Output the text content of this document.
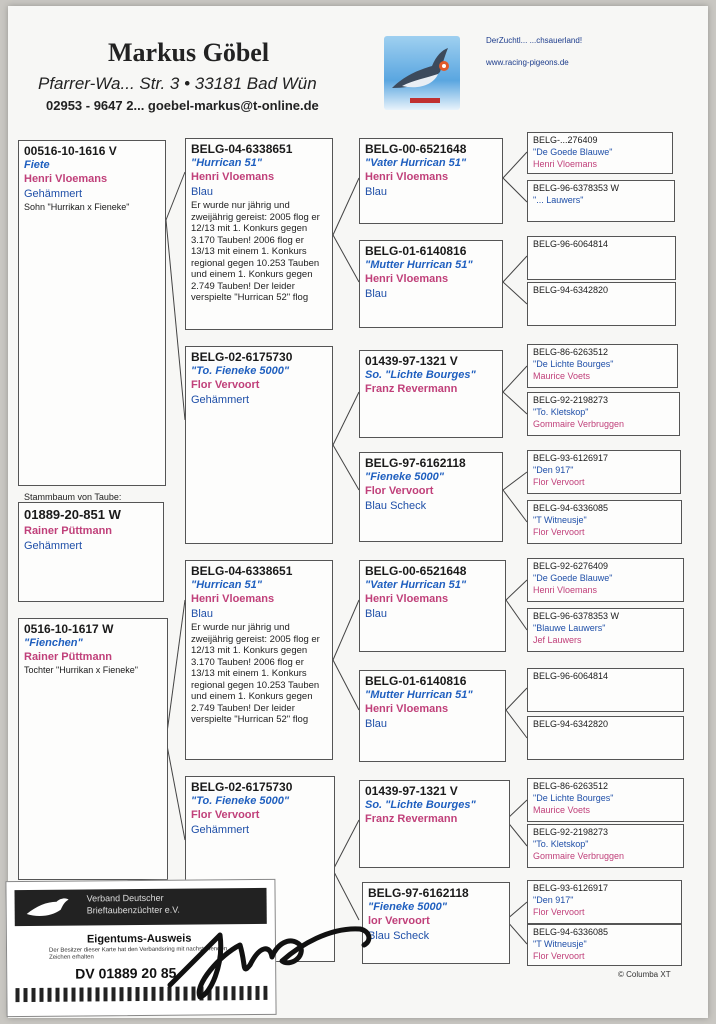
Markus Göbel
Pfarrer-Wa... Str. 3 • 33181 Bad Wün
02953 - 9647 2... goebel-markus@t-online.de
DerZuchtl... ...chsauerland!
www.racing-pigeons.de
© Columba XT
00516-10-1616 V
Fiete
Henri Vloemans
Gehämmert
Sohn "Hurrikan x Fieneke"
Stammbaum von Taube:
01889-20-851 W
Rainer Püttmann
Gehämmert
0516-10-1617 W
"Fienchen"
Rainer Püttmann
Tochter "Hurrikan x Fieneke"
BELG-04-6338651
"Hurrican 51"
Henri Vloemans
Blau
Er wurde nur jährig und zweijährig gereist: 2005 flog er 12/13 mit 1. Konkurs gegen 3.170 Tauben! 2006 flog er 13/13 mit einem 1. Konkurs regional gegen 10.253 Tauben und einem 1. Konkurs gegen 2.749 Tauben! Der leider verspielte "Hurrican 52" flog
BELG-02-6175730
"To. Fieneke 5000"
Flor Vervoort
Gehämmert
BELG-04-6338651
"Hurrican 51"
Henri Vloemans
Blau
Er wurde nur jährig und zweijährig gereist: 2005 flog er 12/13 mit 1. Konkurs gegen 3.170 Tauben! 2006 flog er 13/13 mit einem 1. Konkurs regional gegen 10.253 Tauben und einem 1. Konkurs gegen 2.749 Tauben! Der leider verspielte "Hurrican 52" flog
BELG-02-6175730
"To. Fieneke 5000"
Flor Vervoort
Gehämmert
BELG-00-6521648
"Vater Hurrican 51"
Henri Vloemans
Blau
BELG-01-6140816
"Mutter Hurrican 51"
Henri Vloemans
Blau
01439-97-1321 V
So. "Lichte Bourges"
Franz Revermann
BELG-97-6162118
"Fieneke 5000"
Flor Vervoort
Blau Scheck
BELG-00-6521648
"Vater Hurrican 51"
Henri Vloemans
Blau
BELG-01-6140816
"Mutter Hurrican 51"
Henri Vloemans
Blau
01439-97-1321 V
So. "Lichte Bourges"
Franz Revermann
BELG-97-6162118
"Fieneke 5000"
lor Vervoort
Blau Scheck
BELG-...276409
"De Goede Blauwe"
Henri Vloemans
BELG-96-6378353 W
"... Lauwers"
BELG-96-6064814
BELG-94-6342820
BELG-86-6263512
"De Lichte Bourges"
Maurice Voets
BELG-92-2198273
"To. Kletskop"
Gommaire Verbruggen
BELG-93-6126917
"Den 917"
Flor Vervoort
BELG-94-6336085
"T Witneusje"
Flor Vervoort
BELG-92-6276409
"De Goede Blauwe"
Henri Vloemans
BELG-96-6378353 W
"Blauwe Lauwers"
Jef Lauwers
BELG-96-6064814
BELG-94-6342820
BELG-86-6263512
"De Lichte Bourges"
Maurice Voets
BELG-92-2198273
"To. Kletskop"
Gommaire Verbruggen
BELG-93-6126917
"Den 917"
Flor Vervoort
BELG-94-6336085
"T Witneusje"
Flor Vervoort
Verband Deutscher
Brieftaubenzüchter e.V.
Eigentums-Ausweis
Der Besitzer dieser Karte hat den Verbandsring mit nachstehenden Zeichen erhalten
DV 01889 20 85
